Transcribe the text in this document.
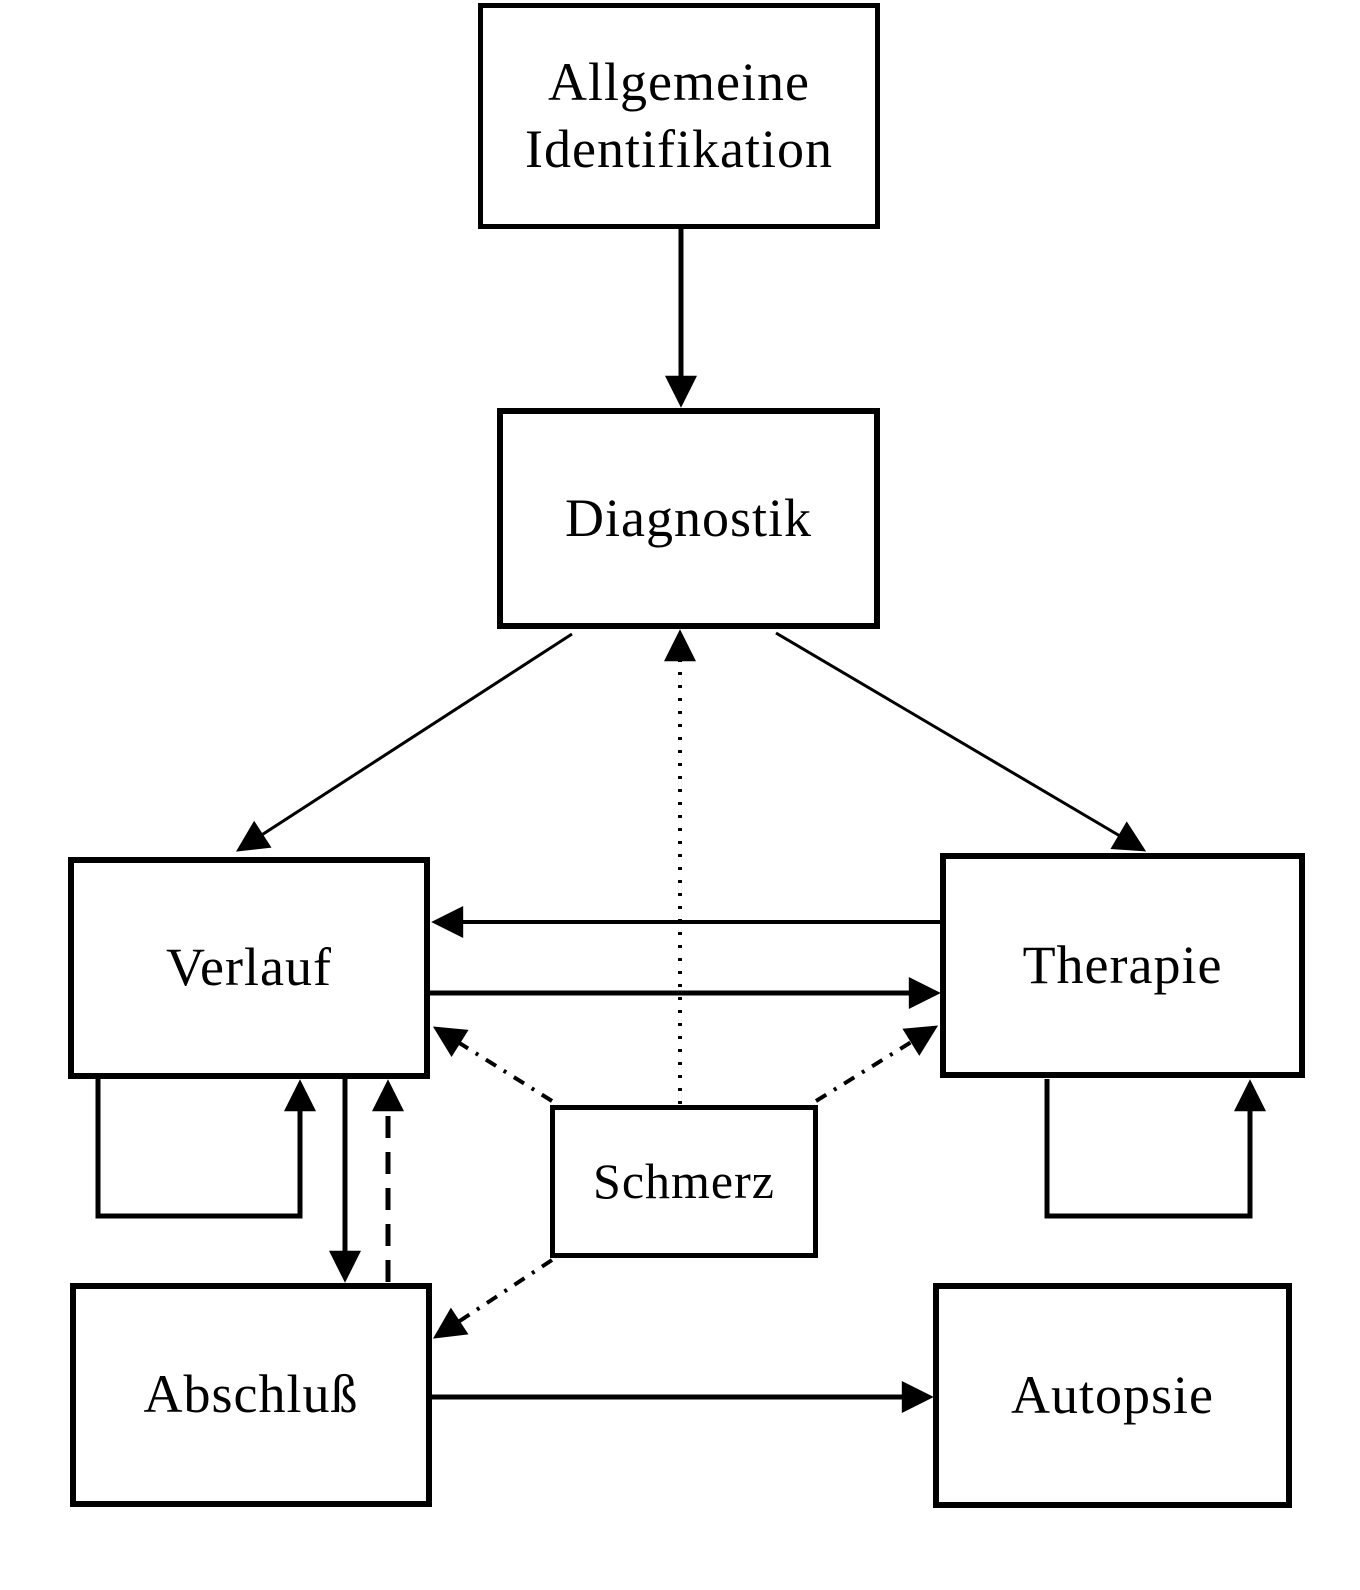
Allgemeine Identifikation
Diagnostik
Verlauf	Therapie
Schmerz
Abschluß	Autopsie
